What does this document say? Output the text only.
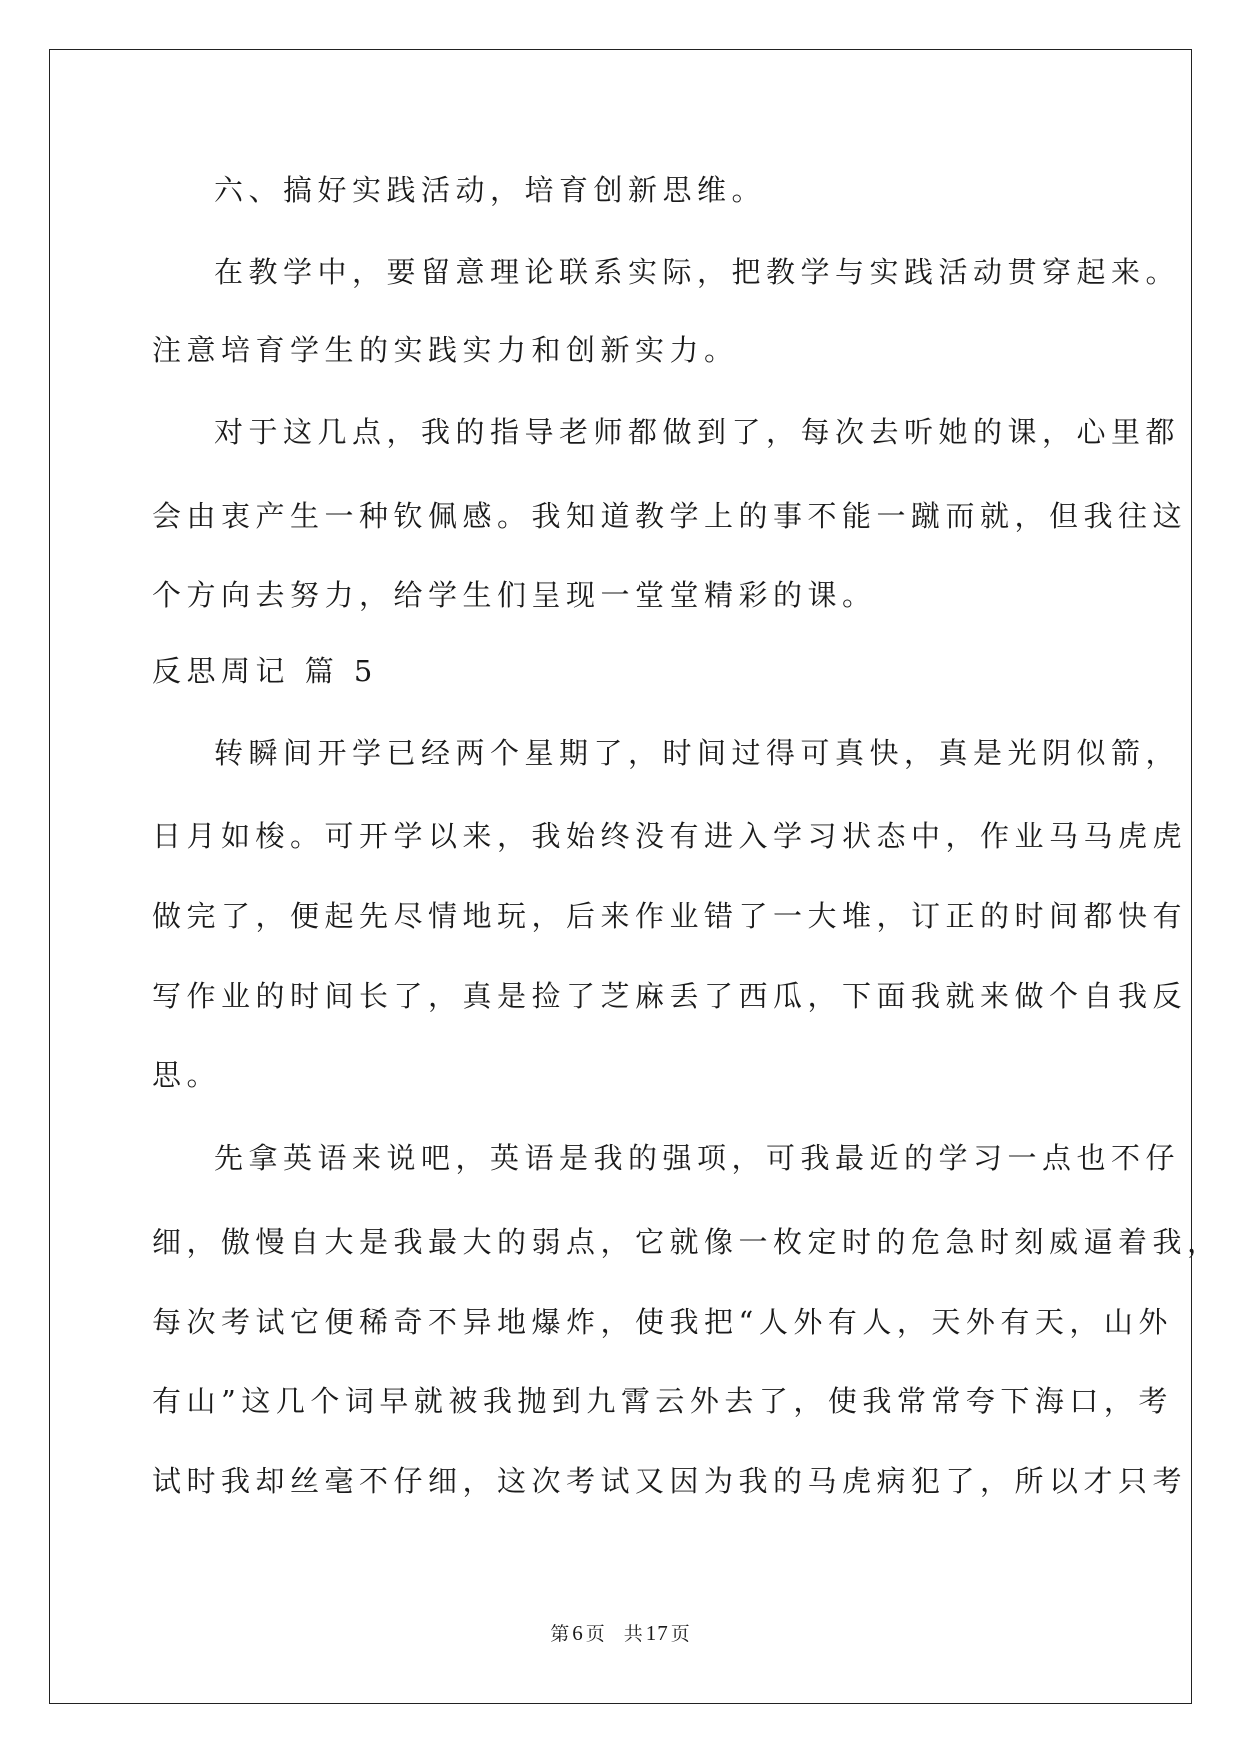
六、搞好实践活动，培育创新思维。
在教学中，要留意理论联系实际，把教学与实践活动贯穿起来。
注意培育学生的实践实力和创新实力。
对于这几点，我的指导老师都做到了，每次去听她的课，心里都
会由衷产生一种钦佩感。我知道教学上的事不能一蹴而就，但我往这
个方向去努力，给学生们呈现一堂堂精彩的课。
反思周记 篇 5
转瞬间开学已经两个星期了，时间过得可真快，真是光阴似箭，
日月如梭。可开学以来，我始终没有进入学习状态中，作业马马虎虎
做完了，便起先尽情地玩，后来作业错了一大堆，订正的时间都快有
写作业的时间长了，真是捡了芝麻丢了西瓜，下面我就来做个自我反
思。
先拿英语来说吧，英语是我的强项，可我最近的学习一点也不仔
细，傲慢自大是我最大的弱点，它就像一枚定时的危急时刻威逼着我，
每次考试它便稀奇不异地爆炸，使我把“人外有人，天外有天，山外
有山”这几个词早就被我抛到九霄云外去了，使我常常夸下海口，考
试时我却丝毫不仔细，这次考试又因为我的马虎病犯了，所以才只考
第6 页 共17 页
